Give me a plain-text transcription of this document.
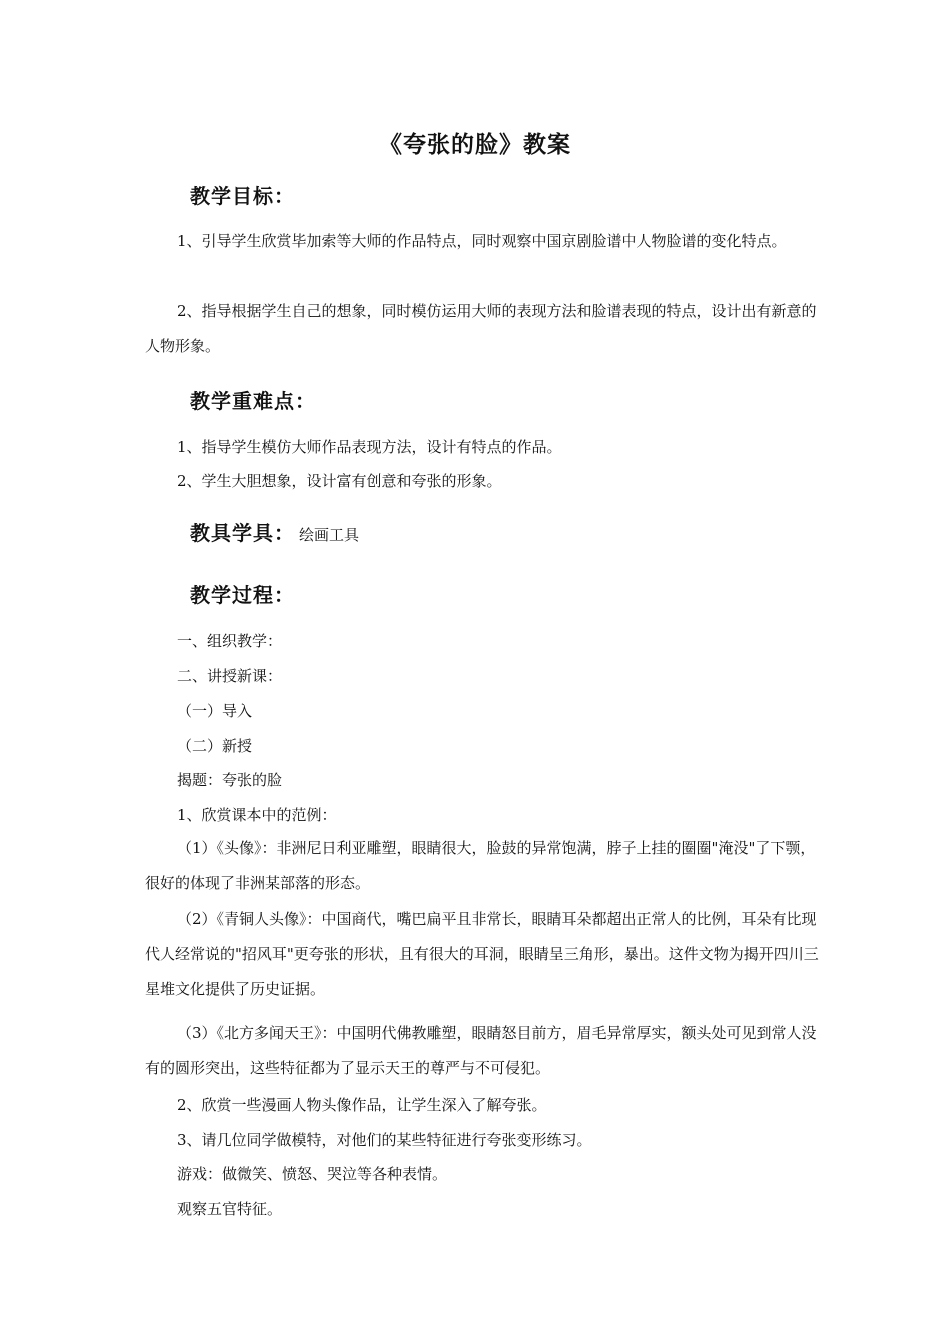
《夸张的脸》教案
教学目标：
1、引导学生欣赏毕加索等大师的作品特点，同时观察中国京剧脸谱中人物脸谱的变化特点。
2、指导根据学生自己的想象，同时模仿运用大师的表现方法和脸谱表现的特点，设计出有新意的人物形象。
教学重难点：
1、指导学生模仿大师作品表现方法，设计有特点的作品。
2、学生大胆想象，设计富有创意和夸张的形象。
教具学具： 绘画工具
教学过程：
一、组织教学：
二、讲授新课：
（一）导入
（二）新授
揭题：夸张的脸
1、欣赏课本中的范例：
（1）《头像》：非洲尼日利亚雕塑，眼睛很大，脸鼓的异常饱满，脖子上挂的圈圈"淹没"了下颚，很好的体现了非洲某部落的形态。
（2）《青铜人头像》：中国商代，嘴巴扁平且非常长，眼睛耳朵都超出正常人的比例，耳朵有比现代人经常说的"招风耳"更夸张的形状，且有很大的耳洞，眼睛呈三角形，暴出。这件文物为揭开四川三星堆文化提供了历史证据。
（3）《北方多闻天王》：中国明代佛教雕塑，眼睛怒目前方，眉毛异常厚实，额头处可见到常人没有的圆形突出，这些特征都为了显示天王的尊严与不可侵犯。
2、欣赏一些漫画人物头像作品，让学生深入了解夸张。
3、请几位同学做模特，对他们的某些特征进行夸张变形练习。
游戏：做微笑、愤怒、哭泣等各种表情。
观察五官特征。
